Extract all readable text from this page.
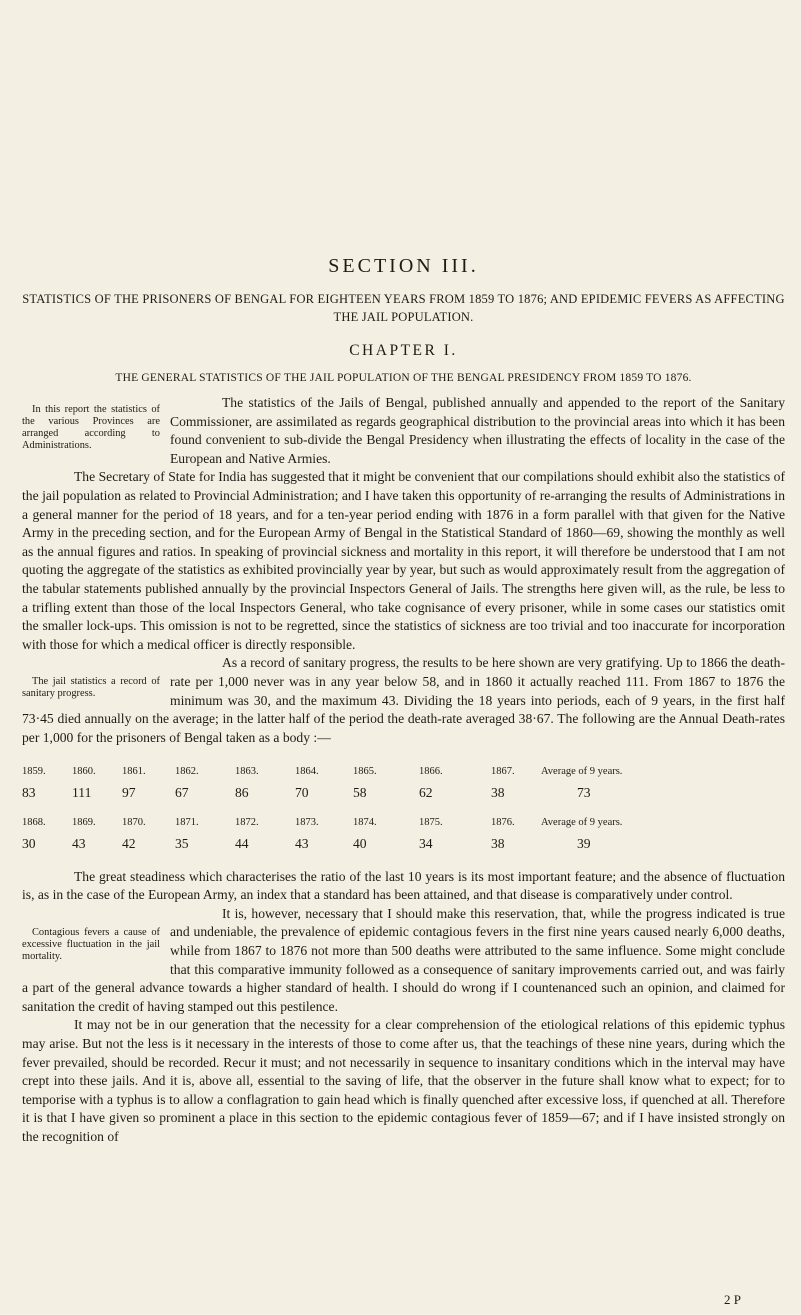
SECTION III.
STATISTICS OF THE PRISONERS OF BENGAL FOR EIGHTEEN YEARS FROM 1859 TO 1876; AND EPIDEMIC FEVERS AS AFFECTING THE JAIL POPULATION.
CHAPTER I.
THE GENERAL STATISTICS OF THE JAIL POPULATION OF THE BENGAL PRESIDENCY FROM 1859 TO 1876.
In this report the statistics of the various Provinces are arranged according to Administrations.

The statistics of the Jails of Bengal, published annually and appended to the report of the Sanitary Commissioner, are assimilated as regards geographical distribution to the provincial areas into which it has been found convenient to sub-divide the Bengal Presidency when illustrating the effects of locality in the case of the European and Native Armies.

The Secretary of State for India has suggested that it might be convenient that our compilations should exhibit also the statistics of the jail population as related to Provincial Administration; and I have taken this opportunity of re-arranging the results of Administrations in a general manner for the period of 18 years, and for a ten-year period ending with 1876 in a form parallel with that given for the Native Army in the preceding section, and for the European Army of Bengal in the Statistical Standard of 1860—69, showing the monthly as well as the annual figures and ratios. In speaking of provincial sickness and mortality in this report, it will therefore be understood that I am not quoting the aggregate of the statistics as exhibited provincially year by year, but such as would approximately result from the aggregation of the tabular statements published annually by the provincial Inspectors General of Jails. The strengths here given will, as the rule, be less to a trifling extent than those of the local Inspectors General, who take cognisance of every prisoner, while in some cases our statistics omit the smaller lock-ups. This omission is not to be regretted, since the statistics of sickness are too trivial and too inaccurate for incorporation with those for which a medical officer is directly responsible.

The jail statistics a record of sanitary progress.

As a record of sanitary progress, the results to be here shown are very gratifying. Up to 1866 the death-rate per 1,000 never was in any year below 58, and in 1860 it actually reached 111. From 1867 to 1876 the minimum was 30, and the maximum 43. Dividing the 18 years into periods, each of 9 years, in the first half 73·45 died annually on the average; in the latter half of the period the death-rate averaged 38·67. The following are the Annual Death-rates per 1,000 for the prisoners of Bengal taken as a body :—

1859.	1860.	1861.	1862.	1863.	1864.	1865.	1866.	1867.	Average of 9 years.
83	111	97	67	86	70	58	62	38	73
1868.	1869.	1870.	1871.	1872.	1873.	1874.	1875.	1876.	Average of 9 years.
30	43	42	35	44	43	40	34	38	39

The great steadiness which characterises the ratio of the last 10 years is its most important feature; and the absence of fluctuation is, as in the case of the European Army, an index that a standard has been attained, and that disease is comparatively under control.

Contagious fevers a cause of excessive fluctuation in the jail mortality.

It is, however, necessary that I should make this reservation, that, while the progress indicated is true and undeniable, the prevalence of epidemic contagious fevers in the first nine years caused nearly 6,000 deaths, while from 1867 to 1876 not more than 500 deaths were attributed to the same influence. Some might conclude that this comparative immunity followed as a consequence of sanitary improvements carried out, and was fairly a part of the general advance towards a higher standard of health. I should do wrong if I countenanced such an opinion, and claimed for sanitation the credit of having stamped out this pestilence.

It may not be in our generation that the necessity for a clear comprehension of the etiological relations of this epidemic typhus may arise. But not the less is it necessary in the interests of those to come after us, that the teachings of these nine years, during which the fever prevailed, should be recorded. Recur it must; and not necessarily in sequence to insanitary conditions which in the interval may have crept into these jails. And it is, above all, essential to the saving of life, that the observer in the future shall know what to expect; for to temporise with a typhus is to allow a conflagration to gain head which is finally quenched after excessive loss, if quenched at all. Therefore it is that I have given so prominent a place in this section to the epidemic contagious fever of 1859—67; and if I have insisted strongly on the recognition of

2 P
